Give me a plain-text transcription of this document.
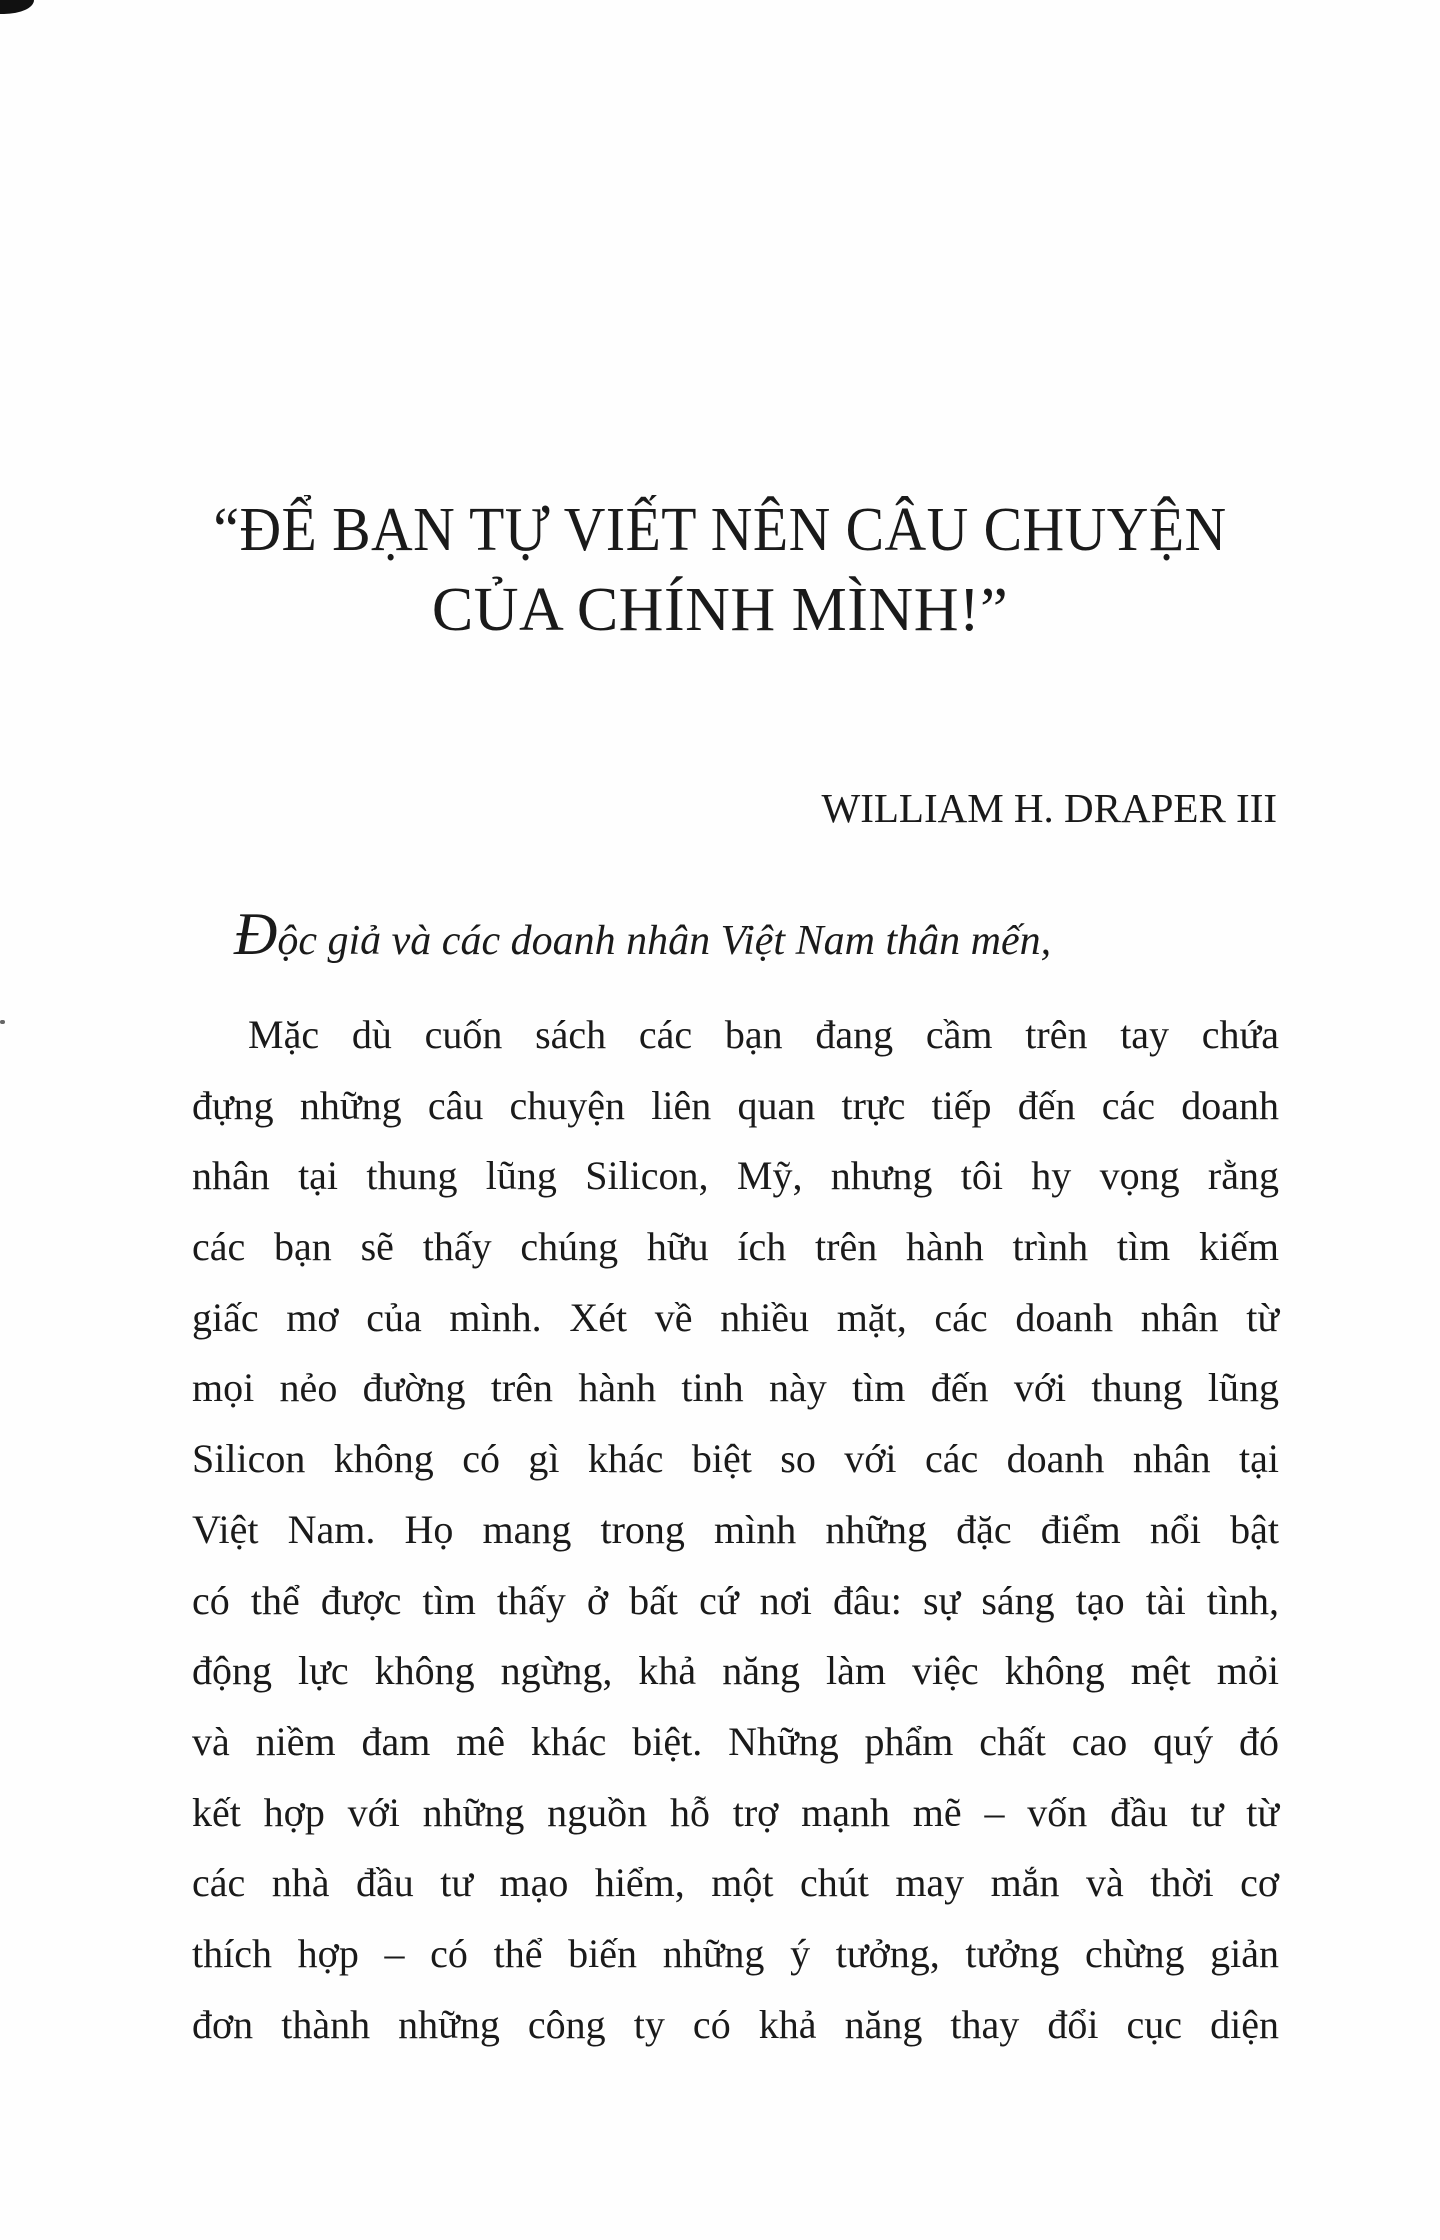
“ĐỂ BẠN TỰ VIẾT NÊN CÂU CHUYỆN
CỦA CHÍNH MÌNH!”
WILLIAM H. DRAPER III
Độc giả và các doanh nhân Việt Nam thân mến,
Mặc dù cuốn sách các bạn đang cầm trên tay chứa
đựng những câu chuyện liên quan trực tiếp đến các doanh
nhân tại thung lũng Silicon, Mỹ, nhưng tôi hy vọng rằng
các bạn sẽ thấy chúng hữu ích trên hành trình tìm kiếm
giấc mơ của mình. Xét về nhiều mặt, các doanh nhân từ
mọi nẻo đường trên hành tinh này tìm đến với thung lũng
Silicon không có gì khác biệt so với các doanh nhân tại
Việt Nam. Họ mang trong mình những đặc điểm nổi bật
có thể được tìm thấy ở bất cứ nơi đâu: sự sáng tạo tài tình,
động lực không ngừng, khả năng làm việc không mệt mỏi
và niềm đam mê khác biệt. Những phẩm chất cao quý đó
kết hợp với những nguồn hỗ trợ mạnh mẽ – vốn đầu tư từ
các nhà đầu tư mạo hiểm, một chút may mắn và thời cơ
thích hợp – có thể biến những ý tưởng, tưởng chừng giản
đơn thành những công ty có khả năng thay đổi cục diện
